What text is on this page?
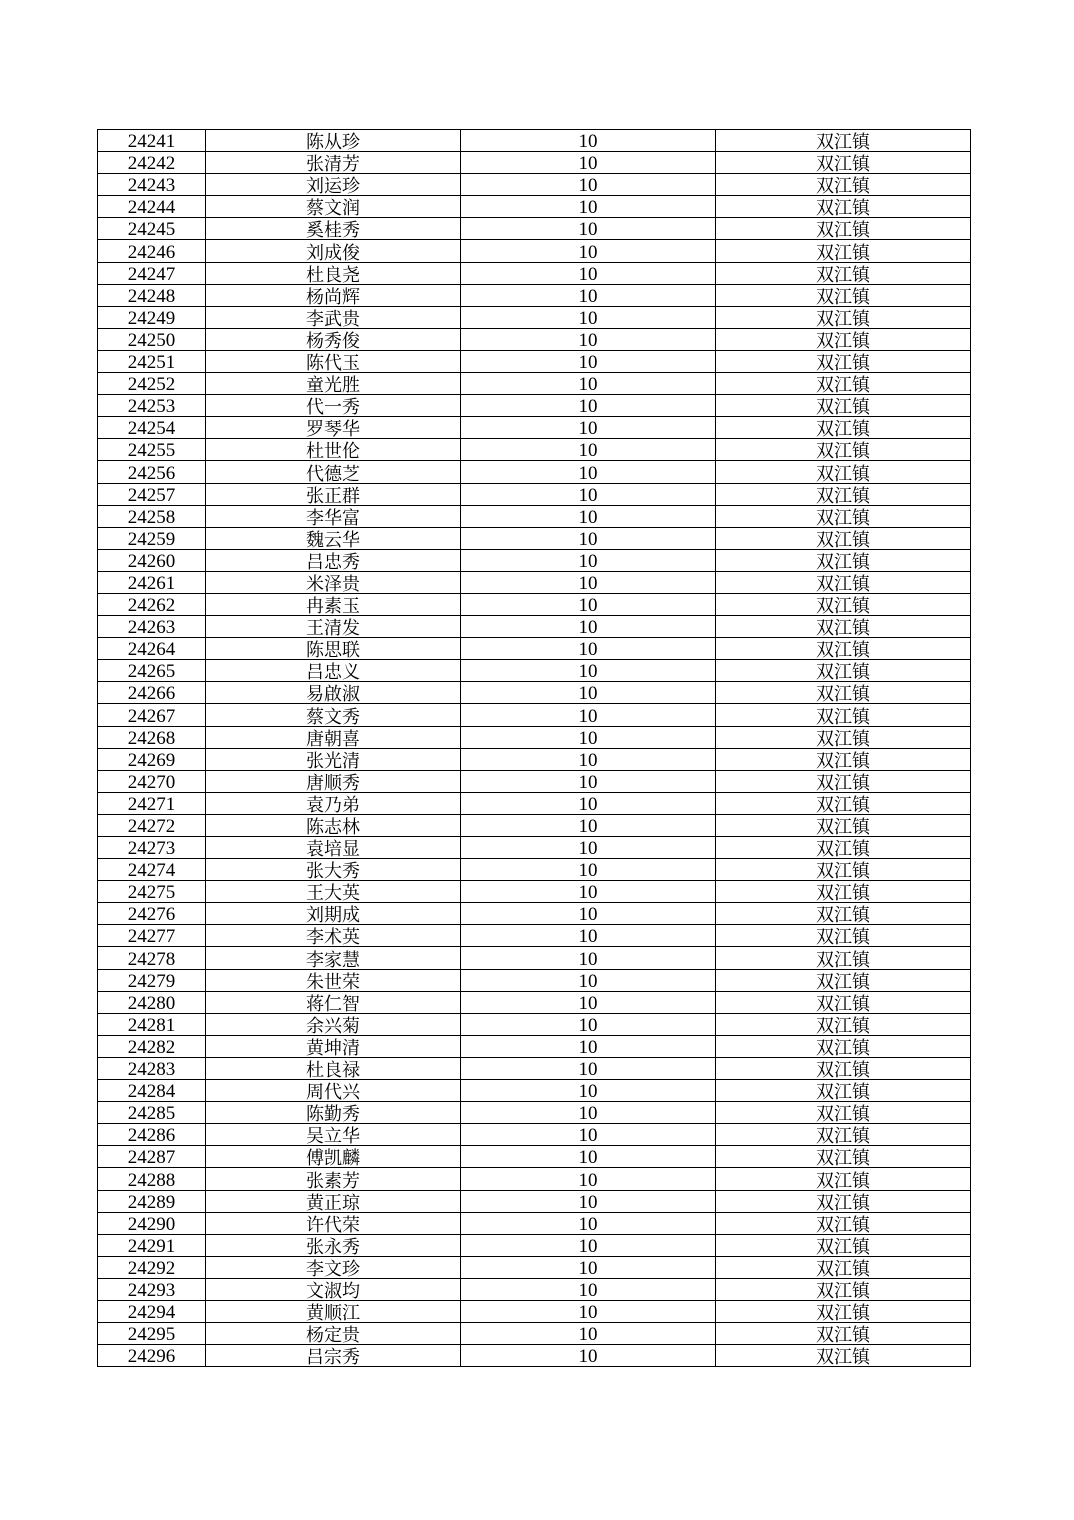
24241	陈从珍	10	双江镇
24242	张清芳	10	双江镇
24243	刘运珍	10	双江镇
24244	蔡文润	10	双江镇
24245	奚桂秀	10	双江镇
24246	刘成俊	10	双江镇
24247	杜良尧	10	双江镇
24248	杨尚辉	10	双江镇
24249	李武贵	10	双江镇
24250	杨秀俊	10	双江镇
24251	陈代玉	10	双江镇
24252	童光胜	10	双江镇
24253	代一秀	10	双江镇
24254	罗琴华	10	双江镇
24255	杜世伦	10	双江镇
24256	代德芝	10	双江镇
24257	张正群	10	双江镇
24258	李华富	10	双江镇
24259	魏云华	10	双江镇
24260	吕忠秀	10	双江镇
24261	米泽贵	10	双江镇
24262	冉素玉	10	双江镇
24263	王清发	10	双江镇
24264	陈思联	10	双江镇
24265	吕忠义	10	双江镇
24266	易啟淑	10	双江镇
24267	蔡文秀	10	双江镇
24268	唐朝喜	10	双江镇
24269	张光清	10	双江镇
24270	唐顺秀	10	双江镇
24271	袁乃弟	10	双江镇
24272	陈志林	10	双江镇
24273	袁培显	10	双江镇
24274	张大秀	10	双江镇
24275	王大英	10	双江镇
24276	刘期成	10	双江镇
24277	李术英	10	双江镇
24278	李家慧	10	双江镇
24279	朱世荣	10	双江镇
24280	蒋仁智	10	双江镇
24281	余兴菊	10	双江镇
24282	黄坤清	10	双江镇
24283	杜良禄	10	双江镇
24284	周代兴	10	双江镇
24285	陈勤秀	10	双江镇
24286	吴立华	10	双江镇
24287	傅凯麟	10	双江镇
24288	张素芳	10	双江镇
24289	黄正琼	10	双江镇
24290	许代荣	10	双江镇
24291	张永秀	10	双江镇
24292	李文珍	10	双江镇
24293	文淑均	10	双江镇
24294	黄顺江	10	双江镇
24295	杨定贵	10	双江镇
24296	吕宗秀	10	双江镇
